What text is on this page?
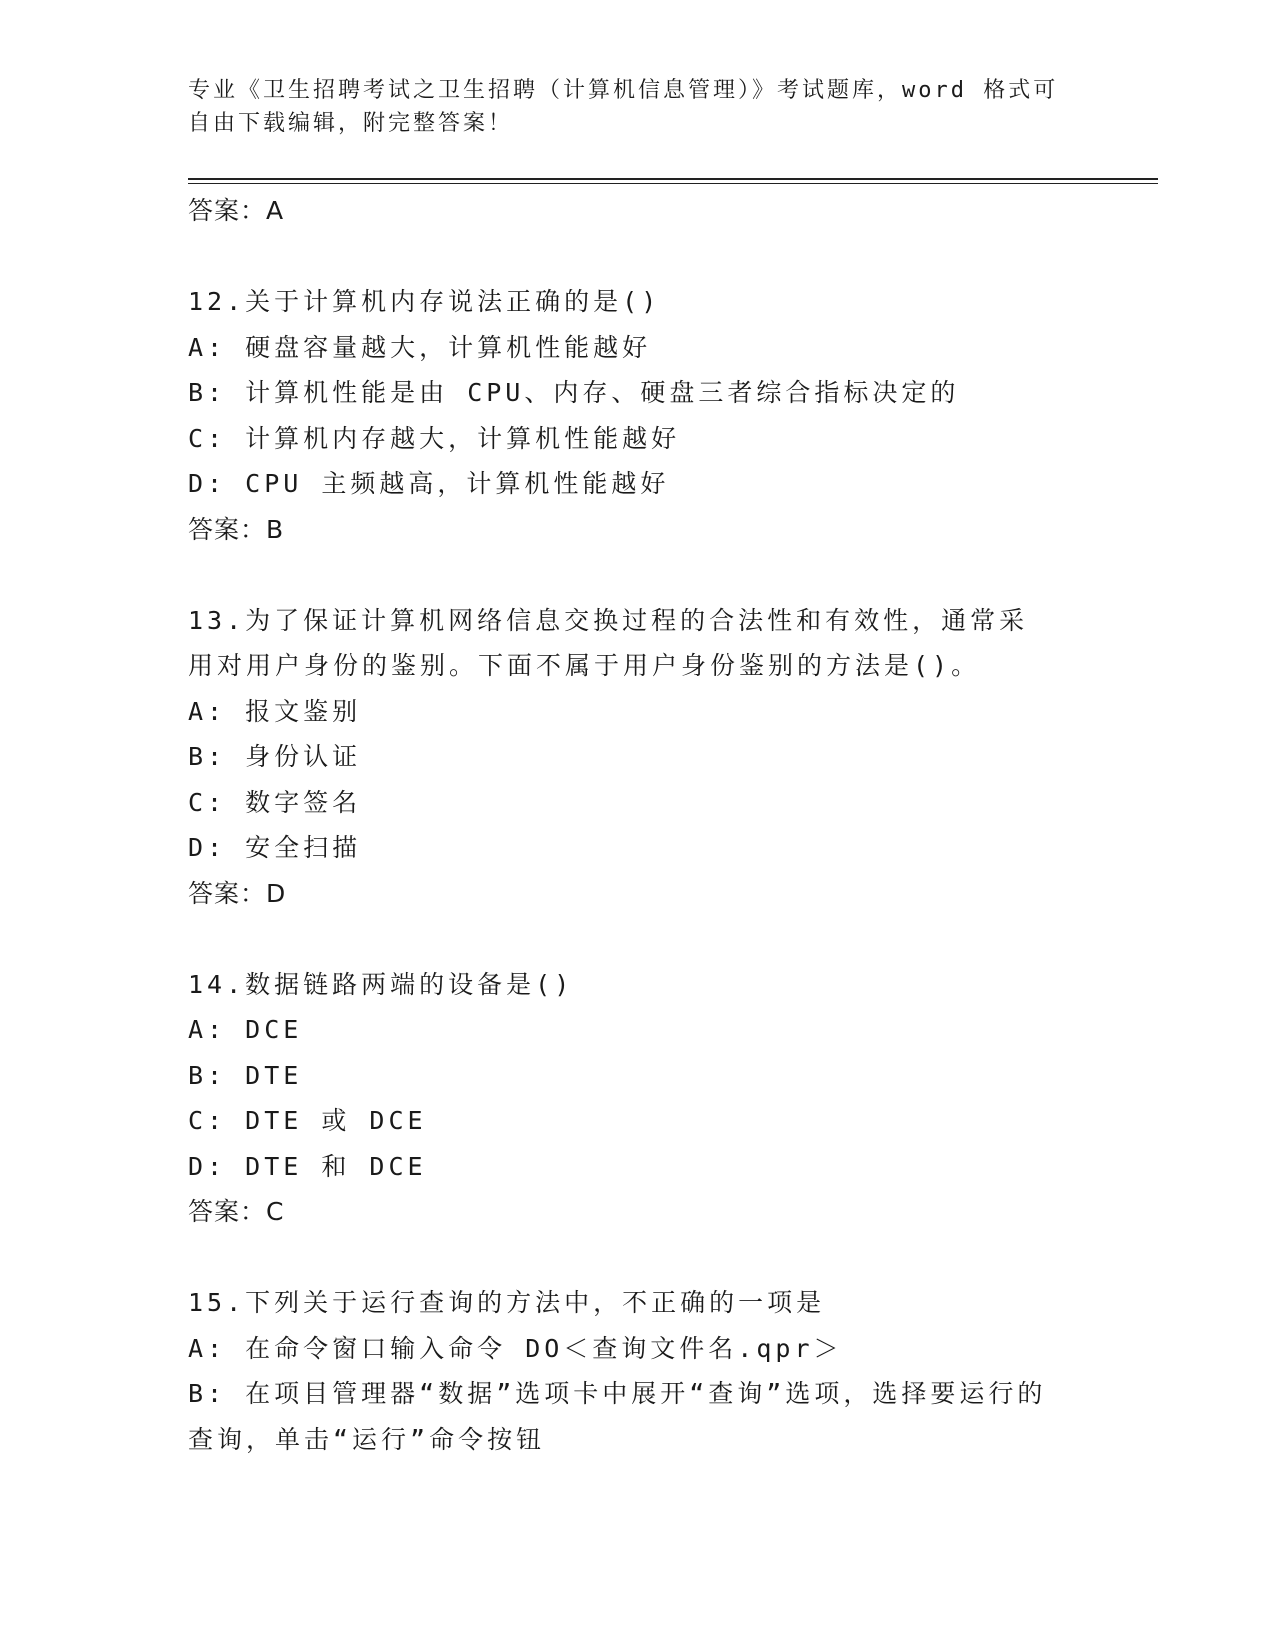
专业《卫生招聘考试之卫生招聘（计算机信息管理）》考试题库，word 格式可自由下载编辑，附完整答案！
答案：A
12.关于计算机内存说法正确的是()
A: 硬盘容量越大，计算机性能越好
B: 计算机性能是由 CPU、内存、硬盘三者综合指标决定的
C: 计算机内存越大，计算机性能越好
D: CPU 主频越高，计算机性能越好
答案：B
13.为了保证计算机网络信息交换过程的合法性和有效性，通常采用对用户身份的鉴别。下面不属于用户身份鉴别的方法是()。
A: 报文鉴别
B: 身份认证
C: 数字签名
D: 安全扫描
答案：D
14.数据链路两端的设备是()
A: DCE
B: DTE
C: DTE 或 DCE
D: DTE 和 DCE
答案：C
15.下列关于运行查询的方法中，不正确的一项是
A: 在命令窗口输入命令 DO＜查询文件名.qpr＞
B: 在项目管理器“数据”选项卡中展开“查询”选项，选择要运行的查询，单击“运行”命令按钮
